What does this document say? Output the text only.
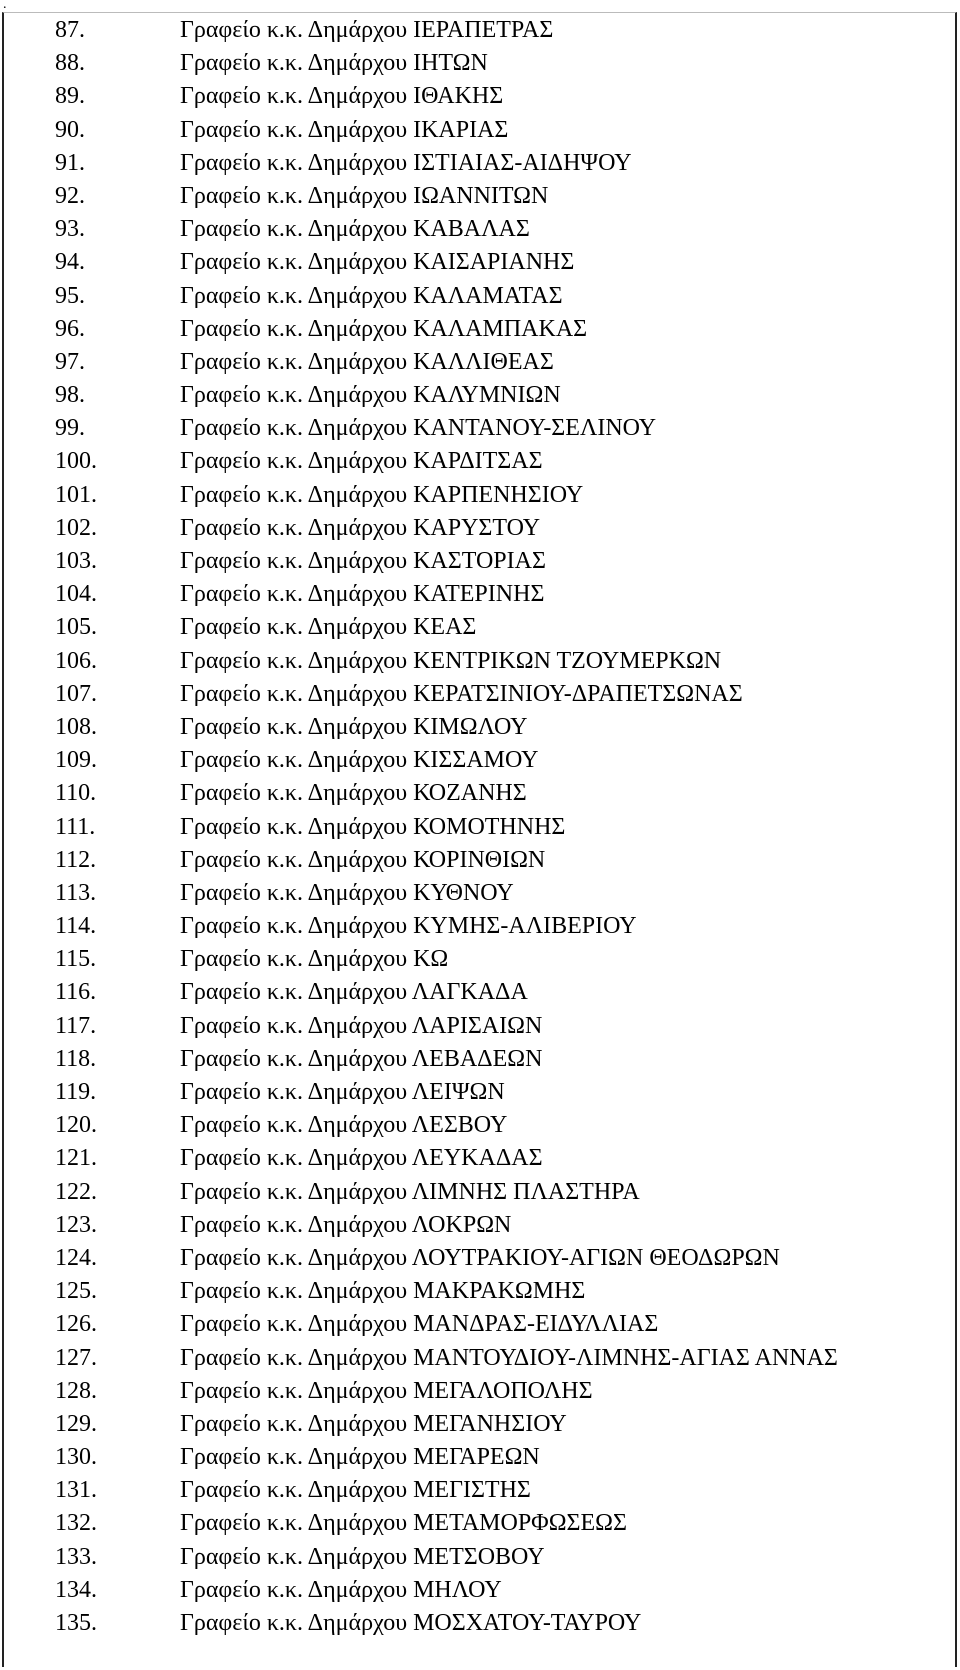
.
87.	Γραφείο κ.κ. Δημάρχου ΙΕΡΑΠΕΤΡΑΣ
88.	Γραφείο κ.κ. Δημάρχου ΙΗΤΩΝ
89.	Γραφείο κ.κ. Δημάρχου ΙΘΑΚΗΣ
90.	Γραφείο κ.κ. Δημάρχου ΙΚΑΡΙΑΣ
91.	Γραφείο κ.κ. Δημάρχου ΙΣΤΙΑΙΑΣ-ΑΙΔΗΨΟΥ
92.	Γραφείο κ.κ. Δημάρχου ΙΩΑΝΝΙΤΩΝ
93.	Γραφείο κ.κ. Δημάρχου ΚΑΒΑΛΑΣ
94.	Γραφείο κ.κ. Δημάρχου ΚΑΙΣΑΡΙΑΝΗΣ
95.	Γραφείο κ.κ. Δημάρχου ΚΑΛΑΜΑΤΑΣ
96.	Γραφείο κ.κ. Δημάρχου ΚΑΛΑΜΠΑΚΑΣ
97.	Γραφείο κ.κ. Δημάρχου ΚΑΛΛΙΘΕΑΣ
98.	Γραφείο κ.κ. Δημάρχου ΚΑΛΥΜΝΙΩΝ
99.	Γραφείο κ.κ. Δημάρχου ΚΑΝΤΑΝΟΥ-ΣΕΛΙΝΟΥ
100.	Γραφείο κ.κ. Δημάρχου ΚΑΡΔΙΤΣΑΣ
101.	Γραφείο κ.κ. Δημάρχου ΚΑΡΠΕΝΗΣΙΟΥ
102.	Γραφείο κ.κ. Δημάρχου ΚΑΡΥΣΤΟΥ
103.	Γραφείο κ.κ. Δημάρχου ΚΑΣΤΟΡΙΑΣ
104.	Γραφείο κ.κ. Δημάρχου ΚΑΤΕΡΙΝΗΣ
105.	Γραφείο κ.κ. Δημάρχου ΚΕΑΣ
106.	Γραφείο κ.κ. Δημάρχου ΚΕΝΤΡΙΚΩΝ ΤΖΟΥΜΕΡΚΩΝ
107.	Γραφείο κ.κ. Δημάρχου ΚΕΡΑΤΣΙΝΙΟΥ-ΔΡΑΠΕΤΣΩΝΑΣ
108.	Γραφείο κ.κ. Δημάρχου ΚΙΜΩΛΟΥ
109.	Γραφείο κ.κ. Δημάρχου ΚΙΣΣΑΜΟΥ
110.	Γραφείο κ.κ. Δημάρχου ΚΟΖΑΝΗΣ
111.	Γραφείο κ.κ. Δημάρχου ΚΟΜΟΤΗΝΗΣ
112.	Γραφείο κ.κ. Δημάρχου ΚΟΡΙΝΘΙΩΝ
113.	Γραφείο κ.κ. Δημάρχου ΚΥΘΝΟΥ
114.	Γραφείο κ.κ. Δημάρχου ΚΥΜΗΣ-ΑΛΙΒΕΡΙΟΥ
115.	Γραφείο κ.κ. Δημάρχου ΚΩ
116.	Γραφείο κ.κ. Δημάρχου ΛΑΓΚΑΔΑ
117.	Γραφείο κ.κ. Δημάρχου ΛΑΡΙΣΑΙΩΝ
118.	Γραφείο κ.κ. Δημάρχου ΛΕΒΑΔΕΩΝ
119.	Γραφείο κ.κ. Δημάρχου ΛΕΙΨΩΝ
120.	Γραφείο κ.κ. Δημάρχου ΛΕΣΒΟΥ
121.	Γραφείο κ.κ. Δημάρχου ΛΕΥΚΑΔΑΣ
122.	Γραφείο κ.κ. Δημάρχου ΛΙΜΝΗΣ ΠΛΑΣΤΗΡΑ
123.	Γραφείο κ.κ. Δημάρχου ΛΟΚΡΩΝ
124.	Γραφείο κ.κ. Δημάρχου ΛΟΥΤΡΑΚΙΟΥ-ΑΓΙΩΝ ΘΕΟΔΩΡΩΝ
125.	Γραφείο κ.κ. Δημάρχου ΜΑΚΡΑΚΩΜΗΣ
126.	Γραφείο κ.κ. Δημάρχου ΜΑΝΔΡΑΣ-ΕΙΔΥΛΛΙΑΣ
127.	Γραφείο κ.κ. Δημάρχου ΜΑΝΤΟΥΔΙΟΥ-ΛΙΜΝΗΣ-ΑΓΙΑΣ ΑΝΝΑΣ
128.	Γραφείο κ.κ. Δημάρχου ΜΕΓΑΛΟΠΟΛΗΣ
129.	Γραφείο κ.κ. Δημάρχου ΜΕΓΑΝΗΣΙΟΥ
130.	Γραφείο κ.κ. Δημάρχου ΜΕΓΑΡΕΩΝ
131.	Γραφείο κ.κ. Δημάρχου ΜΕΓΙΣΤΗΣ
132.	Γραφείο κ.κ. Δημάρχου ΜΕΤΑΜΟΡΦΩΣΕΩΣ
133.	Γραφείο κ.κ. Δημάρχου ΜΕΤΣΟΒΟΥ
134.	Γραφείο κ.κ. Δημάρχου ΜΗΛΟΥ
135.	Γραφείο κ.κ. Δημάρχου ΜΟΣΧΑΤΟΥ-ΤΑΥΡΟΥ
